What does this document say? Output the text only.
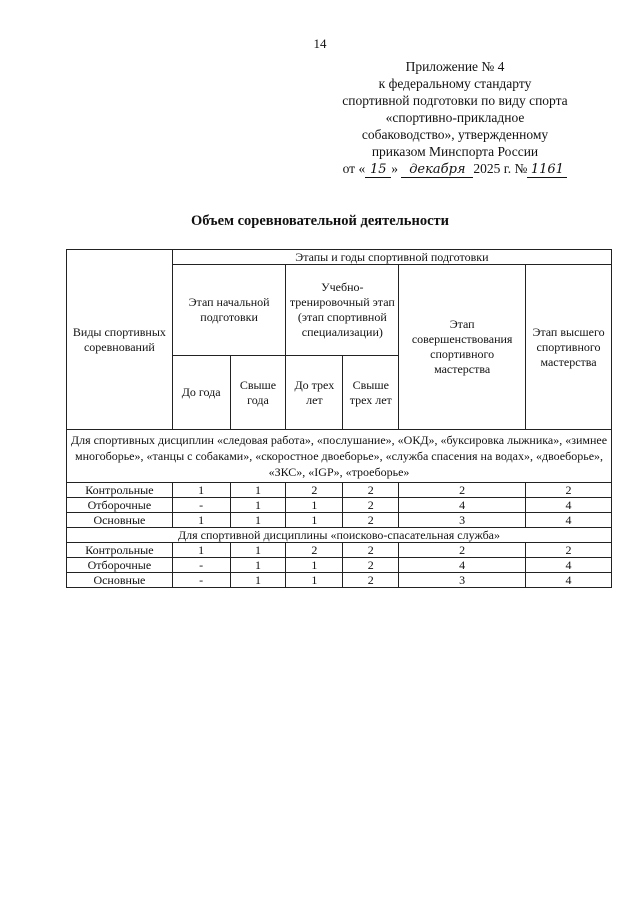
14
Приложение № 4
к федеральному стандарту
спортивной подготовки по виду спорта
«спортивно-прикладное
собаководство», утвержденному
приказом Минспорта России
от « 15 » декабря 2025 г. № 1161
Объем соревновательной деятельности
Виды спортивных соревнований	Этапы и годы спортивной подготовки					
	Этап начальной подготовки		Учебно-тренировочный этап (этап спортивной специализации)		Этап совершенствования спортивного мастерства	Этап высшего спортивного мастерства
	До года	Свыше года	До трех лет	Свыше трех лет		
Для спортивных дисциплин «следовая работа», «послушание», «ОКД», «буксировка лыжника», «зимнее многоборье», «танцы с собаками», «скоростное двоеборье», «служба спасения на водах», «двоеборье», «ЗКС», «IGP», «троеборье»						
Контрольные	1	1	2	2	2	2
Отборочные	-	1	1	2	4	4
Основные	1	1	1	2	3	4
Для спортивной дисциплины «поисково-спасательная служба»						
Контрольные	1	1	2	2	2	2
Отборочные	-	1	1	2	4	4
Основные	-	1	1	2	3	4
